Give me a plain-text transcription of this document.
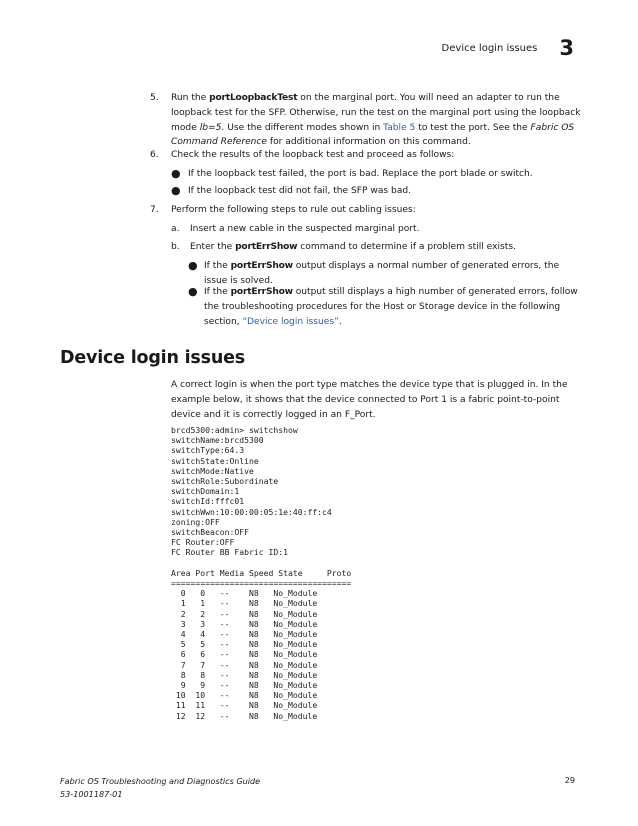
Device login issues 3
5. Run the portLoopbackTest on the marginal port. You will need an adapter to run the loopback test for the SFP. Otherwise, run the test on the marginal port using the loopback mode lb=5. Use the different modes shown in Table 5 to test the port. See the Fabric OS Command Reference for additional information on this command.
6. Check the results of the loopback test and proceed as follows:
● If the loopback test failed, the port is bad. Replace the port blade or switch.
● If the loopback test did not fail, the SFP was bad.
7. Perform the following steps to rule out cabling issues:
a. Insert a new cable in the suspected marginal port.
b. Enter the portErrShow command to determine if a problem still exists.
● If the portErrShow output displays a normal number of generated errors, the issue is solved.
● If the portErrShow output still displays a high number of generated errors, follow the troubleshooting procedures for the Host or Storage device in the following section, “Device login issues”.
Device login issues
A correct login is when the port type matches the device type that is plugged in. In the example below, it shows that the device connected to Port 1 is a fabric point-to-point device and it is correctly logged in an F_Port.
brcd5300:admin> switchshow
switchName:brcd5300
switchType:64.3
switchState:Online
switchMode:Native
switchRole:Subordinate
switchDomain:1
switchId:fffc01
switchWwn:10:00:00:05:1e:40:ff:c4
zoning:OFF
switchBeacon:OFF
FC Router:OFF
FC Router BB Fabric ID:1

Area Port Media Speed State     Proto
=====================================
0   0   --    N8   No_Module
1   1   --    N8   No_Module
2   2   --    N8   No_Module
3   3   --    N8   No_Module
4   4   --    N8   No_Module
5   5   --    N8   No_Module
6   6   --    N8   No_Module
7   7   --    N8   No_Module
8   8   --    N8   No_Module
9   9   --    N8   No_Module
10  10   --    N8   No_Module
11  11   --    N8   No_Module
12  12   --    N8   No_Module
Fabric OS Troubleshooting and Diagnostics Guide
53-1001187-01
29
